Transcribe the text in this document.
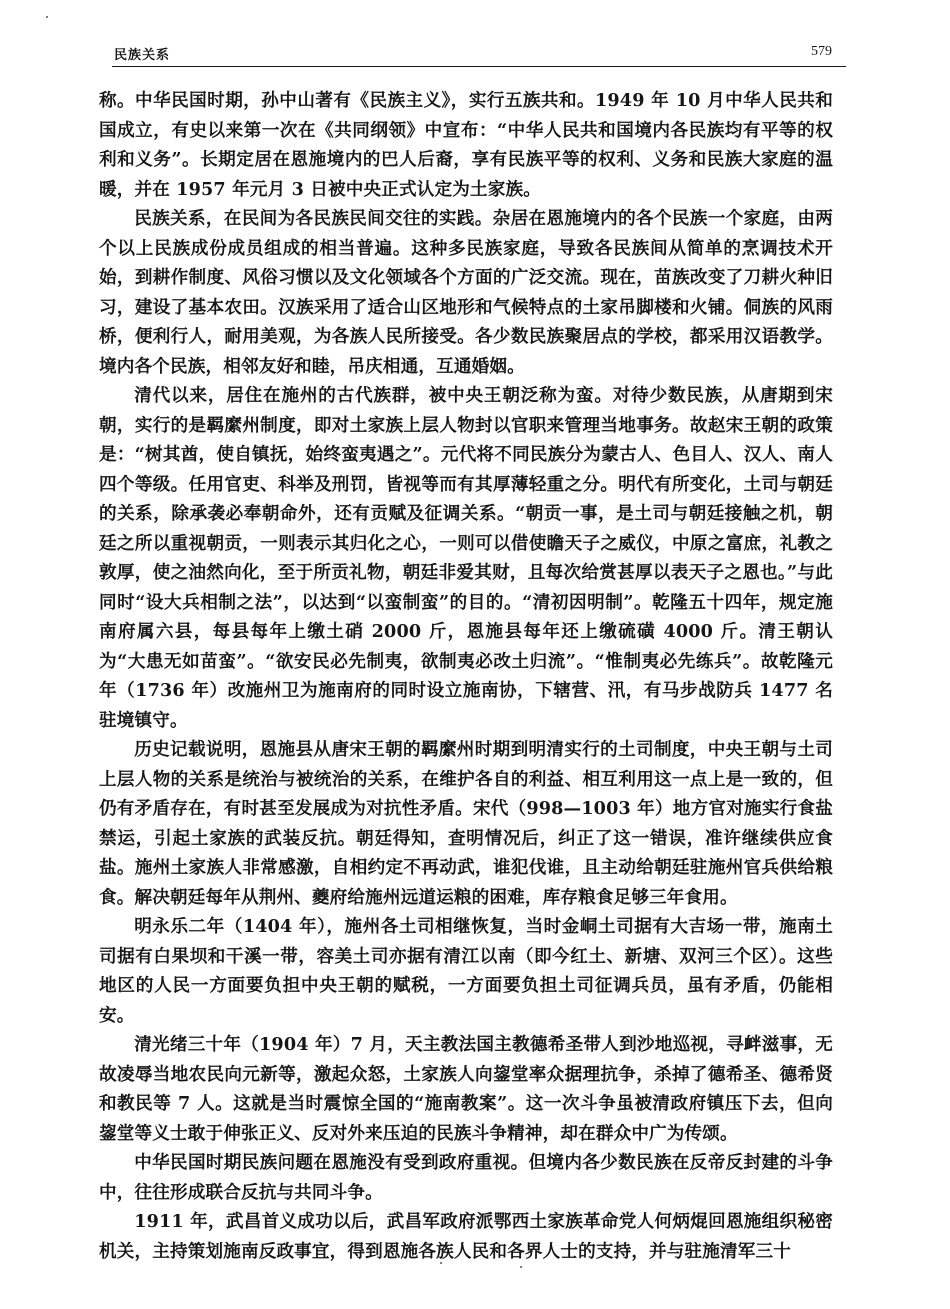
民族关系	579

称。中华民国时期，孙中山著有《民族主义》，实行五族共和。1949 年 10 月中华人民共和国成立，有史以来第一次在《共同纲领》中宣布：“中华人民共和国境内各民族均有平等的权利和义务”。长期定居在恩施境内的巴人后裔，享有民族平等的权利、义务和民族大家庭的温暖，并在 1957 年元月 3 日被中央正式认定为土家族。

民族关系，在民间为各民族民间交往的实践。杂居在恩施境内的各个民族一个家庭，由两个以上民族成份成员组成的相当普遍。这种多民族家庭，导致各民族间从简单的烹调技术开始，到耕作制度、风俗习惯以及文化领域各个方面的广泛交流。现在，苗族改变了刀耕火种旧习，建设了基本农田。汉族采用了适合山区地形和气候特点的土家吊脚楼和火铺。侗族的风雨桥，便利行人，耐用美观，为各族人民所接受。各少数民族聚居点的学校，都采用汉语教学。境内各个民族，相邻友好和睦，吊庆相通，互通婚姻。

清代以来，居住在施州的古代族群，被中央王朝泛称为蛮。对待少数民族，从唐期到宋朝，实行的是羁縻州制度，即对土家族上层人物封以官职来管理当地事务。故赵宋王朝的政策是：“树其酋，使自镇抚，始终蛮夷遇之”。元代将不同民族分为蒙古人、色目人、汉人、南人四个等级。任用官吏、科举及刑罚，皆视等而有其厚薄轻重之分。明代有所变化，土司与朝廷的关系，除承袭必奉朝命外，还有贡赋及征调关系。“朝贡一事，是土司与朝廷接触之机，朝廷之所以重视朝贡，一则表示其归化之心，一则可以借使瞻天子之威仪，中原之富庶，礼教之敦厚，使之油然向化，至于所贡礼物，朝廷非爱其财，且每次给赏甚厚以表天子之恩也。”与此同时“设大兵相制之法”，以达到“以蛮制蛮”的目的。“清初因明制”。乾隆五十四年，规定施南府属六县，每县每年上缴土硝 2000 斤，恩施县每年还上缴硫磺 4000 斤。清王朝认为“大患无如苗蛮”。“欲安民必先制夷，欲制夷必改土归流”。“惟制夷必先练兵”。故乾隆元年（1736 年）改施州卫为施南府的同时设立施南协，下辖营、汛，有马步战防兵 1477 名驻境镇守。

历史记载说明，恩施县从唐宋王朝的羁縻州时期到明清实行的土司制度，中央王朝与土司上层人物的关系是统治与被统治的关系，在维护各自的利益、相互利用这一点上是一致的，但仍有矛盾存在，有时甚至发展成为对抗性矛盾。宋代（998—1003 年）地方官对施实行食盐禁运，引起土家族的武装反抗。朝廷得知，查明情况后，纠正了这一错误，准许继续供应食盐。施州土家族人非常感激，自相约定不再动武，谁犯伐谁，且主动给朝廷驻施州官兵供给粮食。解决朝廷每年从荆州、夔府给施州远道运粮的困难，库存粮食足够三年食用。

明永乐二年（1404 年），施州各土司相继恢复，当时金峒土司据有大吉场一带，施南土司据有白果坝和干溪一带，容美土司亦据有清江以南（即今红土、新塘、双河三个区）。这些地区的人民一方面要负担中央王朝的赋税，一方面要负担土司征调兵员，虽有矛盾，仍能相安。

清光绪三十年（1904 年）7 月，天主教法国主教德希圣带人到沙地巡视，寻衅滋事，无故凌辱当地农民向元新等，激起众怒，土家族人向鋆堂率众据理抗争，杀掉了德希圣、德希贤和教民等 7 人。这就是当时震惊全国的“施南教案”。这一次斗争虽被清政府镇压下去，但向鋆堂等义士敢于伸张正义、反对外来压迫的民族斗争精神，却在群众中广为传颂。

中华民国时期民族问题在恩施没有受到政府重视。但境内各少数民族在反帝反封建的斗争中，往往形成联合反抗与共同斗争。

1911 年，武昌首义成功以后，武昌军政府派鄂西土家族革命党人何炳焜回恩施组织秘密机关，主持策划施南反政事宜，得到恩施各族人民和各界人士的支持，并与驻施清军三十
